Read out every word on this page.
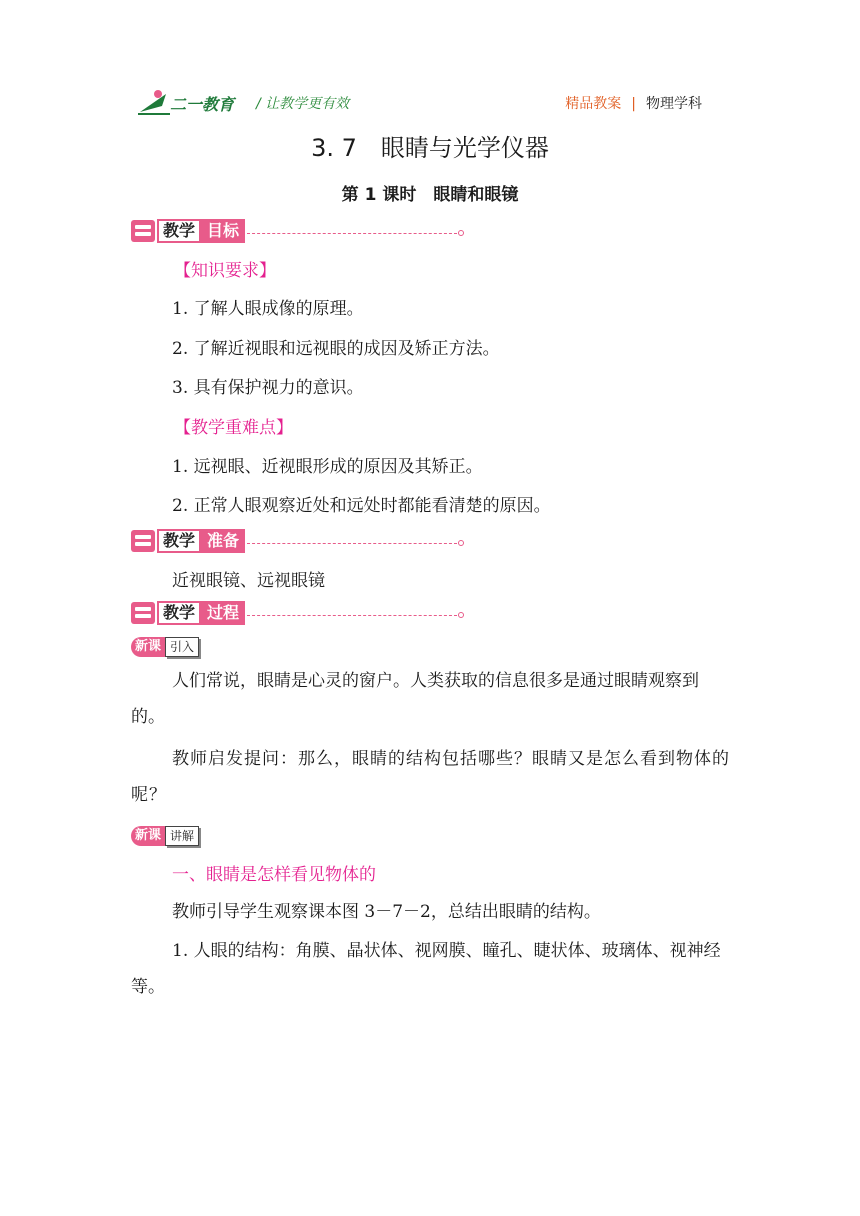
二一教育 / 让教学更有效	精品教案 | 物理学科
3. 7　眼睛与光学仪器
第 1 课时　眼睛和眼镜
教学 目标
【知识要求】
1. 了解人眼成像的原理。
2. 了解近视眼和远视眼的成因及矫正方法。
3. 具有保护视力的意识。
【教学重难点】
1. 远视眼、近视眼形成的原因及其矫正。
2. 正常人眼观察近处和远处时都能看清楚的原因。
教学 准备
近视眼镜、远视眼镜
教学 过程
新课 引入
人们常说，眼睛是心灵的窗户。人类获取的信息很多是通过眼睛观察到的。
教师启发提问：那么，眼睛的结构包括哪些？眼睛又是怎么看到物体的呢？
新课 讲解
一、眼睛是怎样看见物体的
教师引导学生观察课本图 3－7－2，总结出眼睛的结构。
1. 人眼的结构：角膜、晶状体、视网膜、瞳孔、睫状体、玻璃体、视神经等。
